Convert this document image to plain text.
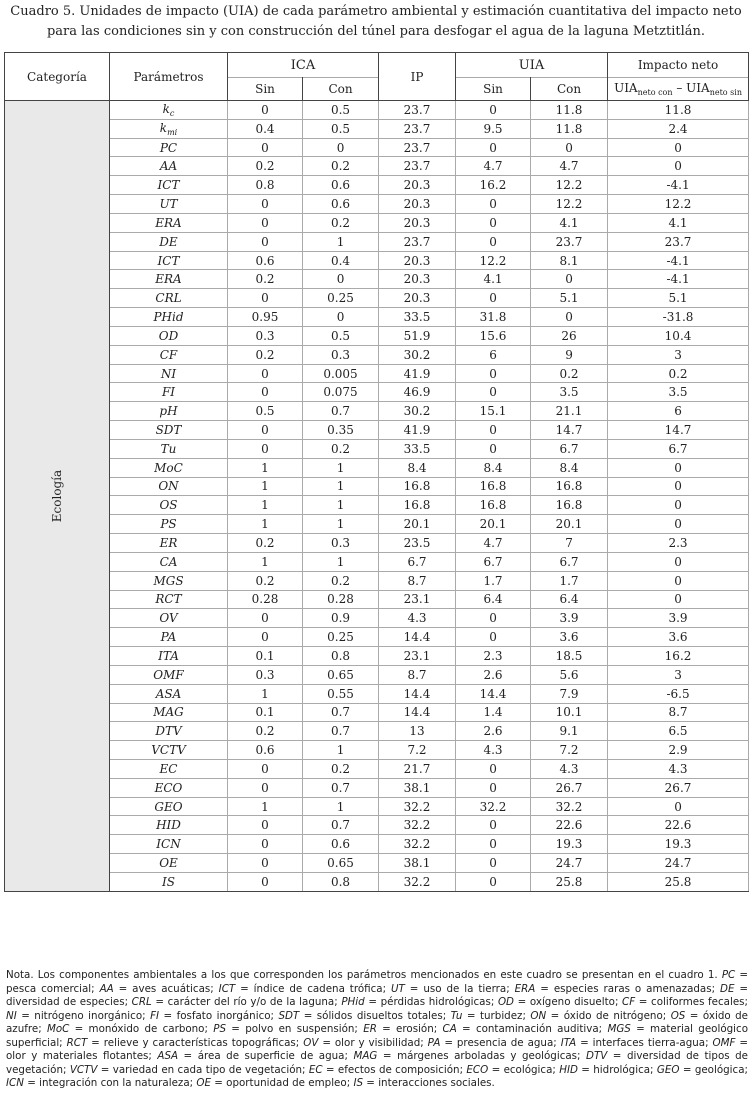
Cuadro 5. Unidades de impacto (UIA) de cada parámetro ambiental y estimación cuantitativa del impacto neto
para las condiciones sin y con construcción del túnel para desfogar el agua de la laguna Metztitlán.
Categoría	Parámetros	ICA		IP	UIA		Impacto neto
		Sin	Con		Sin	Con	$UIA_{neto con} - UIA_{neto sin}$
Ecología	$k_c$	0	0.5	23.7	0	11.8	11.8
	$k_{mi}$	0.4	0.5	23.7	9.5	11.8	2.4
	PC	0	0	23.7	0	0	0
	AA	0.2	0.2	23.7	4.7	4.7	0
	ICT	0.8	0.6	20.3	16.2	12.2	-4.1
	UT	0	0.6	20.3	0	12.2	12.2
	ERA	0	0.2	20.3	0	4.1	4.1
	DE	0	1	23.7	0	23.7	23.7
	ICT	0.6	0.4	20.3	12.2	8.1	-4.1
	ERA	0.2	0	20.3	4.1	0	-4.1
	CRL	0	0.25	20.3	0	5.1	5.1
	PHid	0.95	0	33.5	31.8	0	-31.8
	OD	0.3	0.5	51.9	15.6	26	10.4
	CF	0.2	0.3	30.2	6	9	3
	NI	0	0.005	41.9	0	0.2	0.2
	FI	0	0.075	46.9	0	3.5	3.5
	pH	0.5	0.7	30.2	15.1	21.1	6
	SDT	0	0.35	41.9	0	14.7	14.7
	Tu	0	0.2	33.5	0	6.7	6.7
	MoC	1	1	8.4	8.4	8.4	0
	ON	1	1	16.8	16.8	16.8	0
	OS	1	1	16.8	16.8	16.8	0
	PS	1	1	20.1	20.1	20.1	0
	ER	0.2	0.3	23.5	4.7	7	2.3
	CA	1	1	6.7	6.7	6.7	0
	MGS	0.2	0.2	8.7	1.7	1.7	0
	RCT	0.28	0.28	23.1	6.4	6.4	0
	OV	0	0.9	4.3	0	3.9	3.9
	PA	0	0.25	14.4	0	3.6	3.6
	ITA	0.1	0.8	23.1	2.3	18.5	16.2
	OMF	0.3	0.65	8.7	2.6	5.6	3
	ASA	1	0.55	14.4	14.4	7.9	-6.5
	MAG	0.1	0.7	14.4	1.4	10.1	8.7
	DTV	0.2	0.7	13	2.6	9.1	6.5
	VCTV	0.6	1	7.2	4.3	7.2	2.9
	EC	0	0.2	21.7	0	4.3	4.3
	ECO	0	0.7	38.1	0	26.7	26.7
	GEO	1	1	32.2	32.2	32.2	0
	HID	0	0.7	32.2	0	22.6	22.6
	ICN	0	0.6	32.2	0	19.3	19.3
	OE	0	0.65	38.1	0	24.7	24.7
	IS	0	0.8	32.2	0	25.8	25.8
Nota. Los componentes ambientales a los que corresponden los parámetros mencionados en este cuadro se presentan en el cuadro 1. PC = pesca comercial; AA = aves acuáticas; ICT = índice de cadena trófica; UT = uso de la tierra; ERA = especies raras o amenazadas; DE = diversidad de especies; CRL = carácter del río y/o de la laguna; PHid = pérdidas hidrológicas; OD = oxígeno disuelto; CF = coliformes fecales; NI = nitrógeno inorgánico; FI = fosfato inorgánico; SDT = sólidos disueltos totales; Tu = turbidez; ON = óxido de nitrógeno; OS = óxido de azufre; MoC = monóxido de carbono; PS = polvo en suspensión; ER = erosión; CA = contaminación auditiva; MGS = material geológico superficial; RCT = relieve y características topográficas; OV = olor y visibilidad; PA = presencia de agua; ITA = interfaces tierra-agua; OMF = olor y materiales flotantes; ASA = área de superficie de agua; MAG = márgenes arboladas y geológicas; DTV = diversidad de tipos de vegetación; VCTV = variedad en cada tipo de vegetación; EC = efectos de composición; ECO = ecológica; HID = hidrológica; GEO = geológica; ICN = integración con la naturaleza; OE = oportunidad de empleo; IS = interacciones sociales.
